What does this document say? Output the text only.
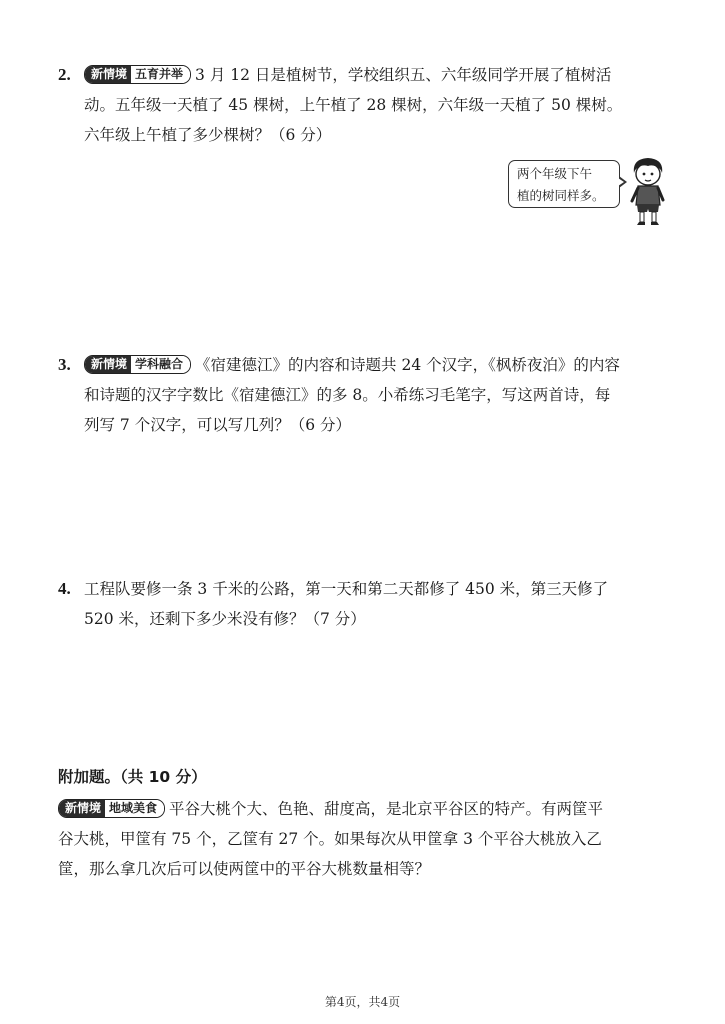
2.	新情境 五育并举 3 月 12 日是植树节，学校组织五、六年级同学开展了植树活
动。五年级一天植了 45 棵树，上午植了 28 棵树，六年级一天植了 50 棵树。
六年级上午植了多少棵树？（6 分）
两个年级下午
植的树同样多。
3.	新情境 学科融合 《宿建德江》的内容和诗题共 24 个汉字，《枫桥夜泊》的内容
和诗题的汉字字数比《宿建德江》的多 8。小希练习毛笔字，写这两首诗，每
列写 7 个汉字，可以写几列？（6 分）
4. 工程队要修一条 3 千米的公路，第一天和第二天都修了 450 米，第三天修了
520 米，还剩下多少米没有修？（7 分）
附加题。（共 10 分）
新情境 地域美食 平谷大桃个大、色艳、甜度高，是北京平谷区的特产。有两筐平
谷大桃，甲筐有 75 个，乙筐有 27 个。如果每次从甲筐拿 3 个平谷大桃放入乙
筐，那么拿几次后可以使两筐中的平谷大桃数量相等？
第4页，共4页
